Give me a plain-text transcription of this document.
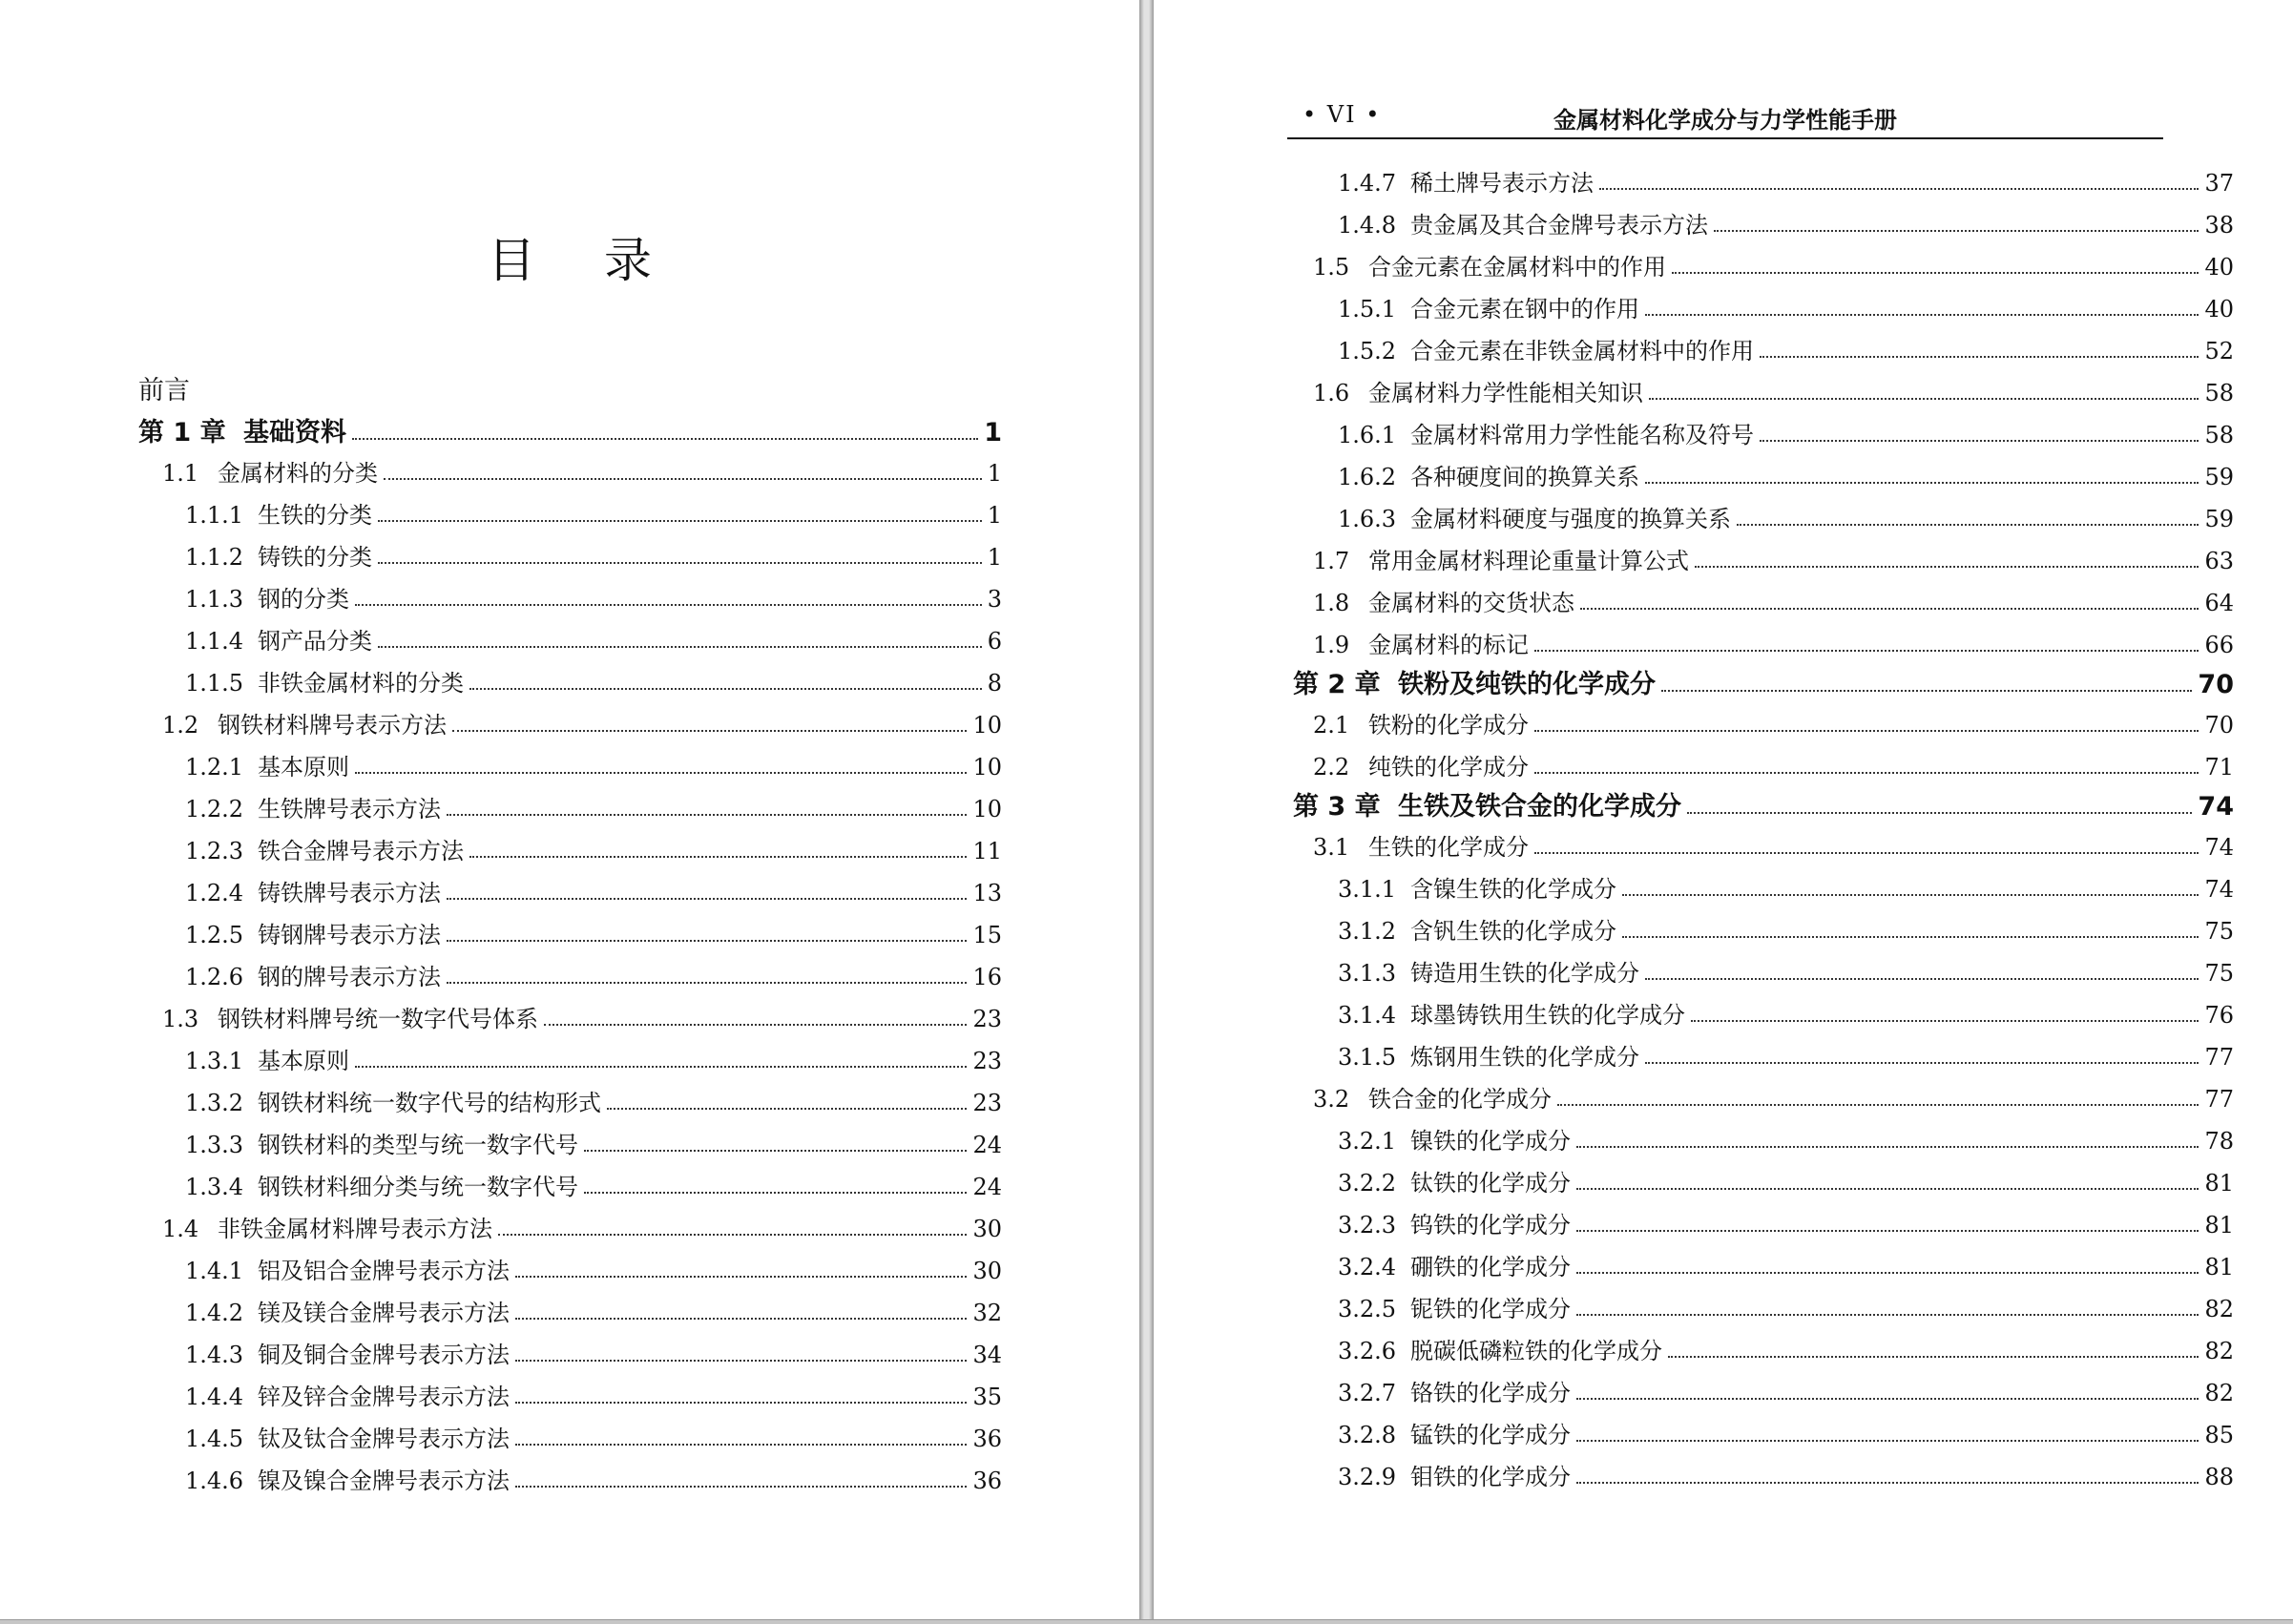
目 录
前言
第 1 章 基础资料	1
1.1 金属材料的分类	1
1.1.1 生铁的分类	1
1.1.2 铸铁的分类	1
1.1.3 钢的分类	3
1.1.4 钢产品分类	6
1.1.5 非铁金属材料的分类	8
1.2 钢铁材料牌号表示方法	10
1.2.1 基本原则	10
1.2.2 生铁牌号表示方法	10
1.2.3 铁合金牌号表示方法	11
1.2.4 铸铁牌号表示方法	13
1.2.5 铸钢牌号表示方法	15
1.2.6 钢的牌号表示方法	16
1.3 钢铁材料牌号统一数字代号体系	23
1.3.1 基本原则	23
1.3.2 钢铁材料统一数字代号的结构形式	23
1.3.3 钢铁材料的类型与统一数字代号	24
1.3.4 钢铁材料细分类与统一数字代号	24
1.4 非铁金属材料牌号表示方法	30
1.4.1 铝及铝合金牌号表示方法	30
1.4.2 镁及镁合金牌号表示方法	32
1.4.3 铜及铜合金牌号表示方法	34
1.4.4 锌及锌合金牌号表示方法	35
1.4.5 钛及钛合金牌号表示方法	36
1.4.6 镍及镍合金牌号表示方法	36
• VI •	金属材料化学成分与力学性能手册
1.4.7 稀土牌号表示方法	37
1.4.8 贵金属及其合金牌号表示方法	38
1.5 合金元素在金属材料中的作用	40
1.5.1 合金元素在钢中的作用	40
1.5.2 合金元素在非铁金属材料中的作用	52
1.6 金属材料力学性能相关知识	58
1.6.1 金属材料常用力学性能名称及符号	58
1.6.2 各种硬度间的换算关系	59
1.6.3 金属材料硬度与强度的换算关系	59
1.7 常用金属材料理论重量计算公式	63
1.8 金属材料的交货状态	64
1.9 金属材料的标记	66
第 2 章 铁粉及纯铁的化学成分	70
2.1 铁粉的化学成分	70
2.2 纯铁的化学成分	71
第 3 章 生铁及铁合金的化学成分	74
3.1 生铁的化学成分	74
3.1.1 含镍生铁的化学成分	74
3.1.2 含钒生铁的化学成分	75
3.1.3 铸造用生铁的化学成分	75
3.1.4 球墨铸铁用生铁的化学成分	76
3.1.5 炼钢用生铁的化学成分	77
3.2 铁合金的化学成分	77
3.2.1 镍铁的化学成分	78
3.2.2 钛铁的化学成分	81
3.2.3 钨铁的化学成分	81
3.2.4 硼铁的化学成分	81
3.2.5 铌铁的化学成分	82
3.2.6 脱碳低磷粒铁的化学成分	82
3.2.7 铬铁的化学成分	82
3.2.8 锰铁的化学成分	85
3.2.9 钼铁的化学成分	88
